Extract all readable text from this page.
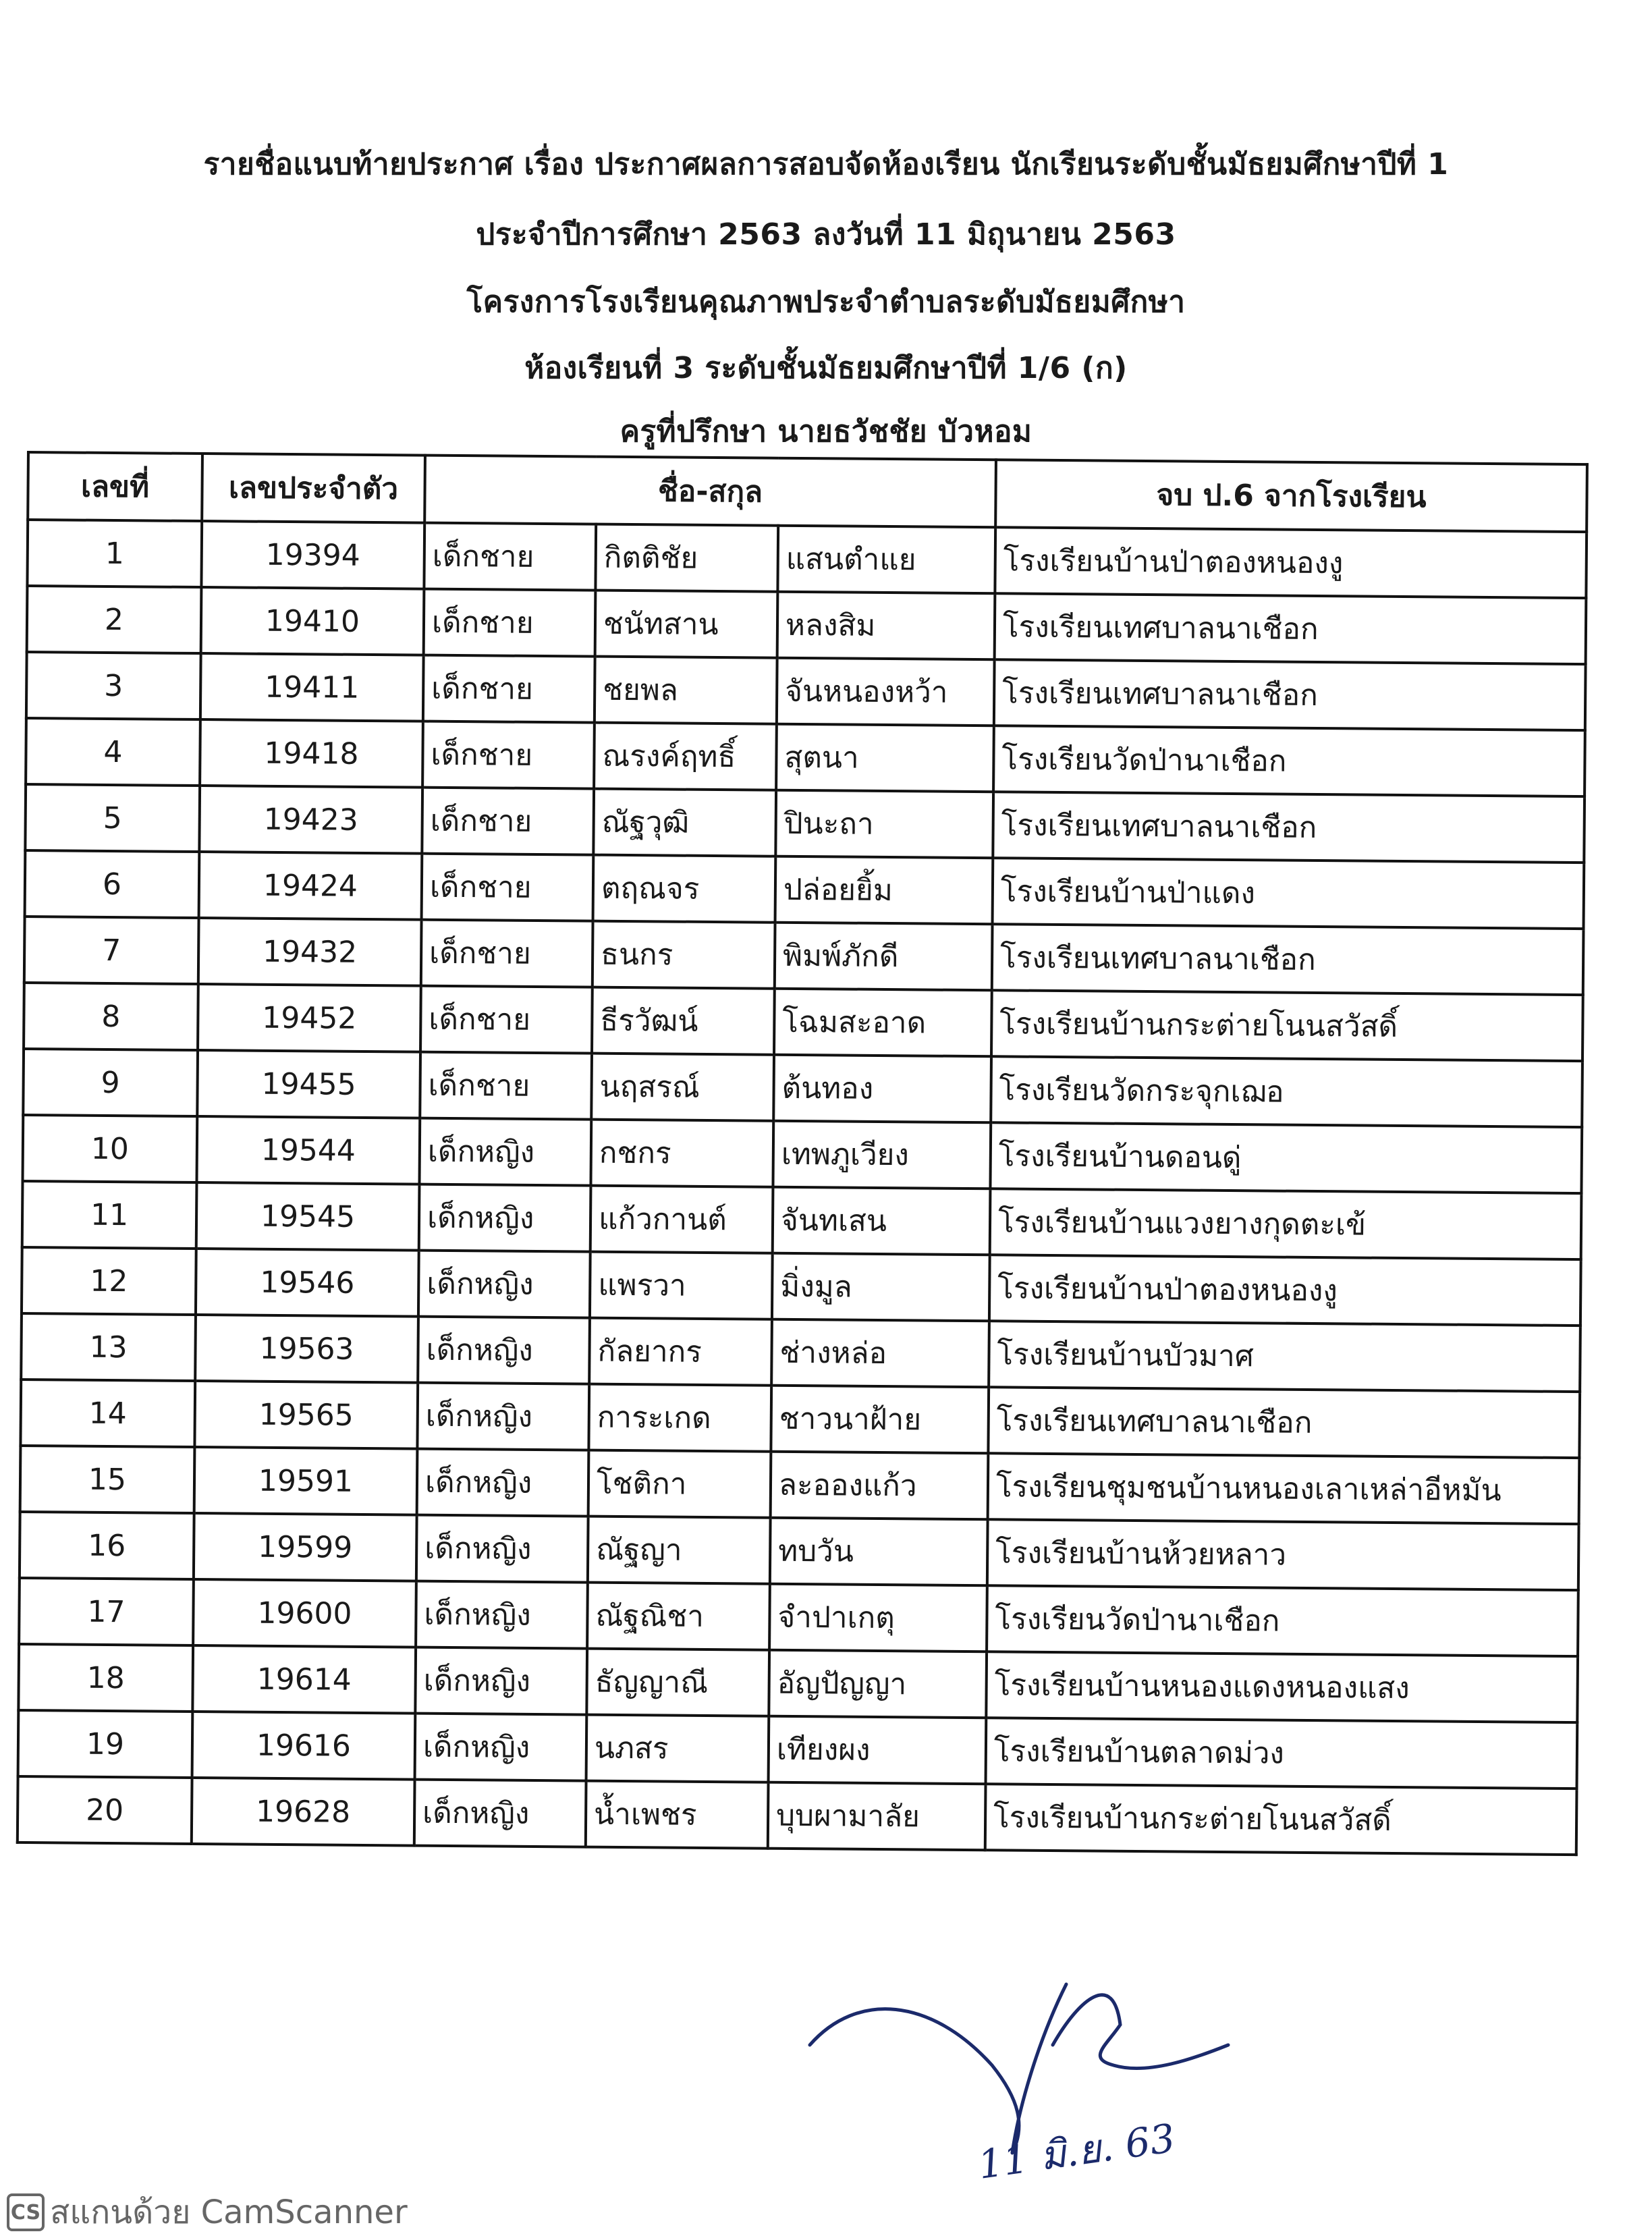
รายชื่อแนบท้ายประกาศ เรื่อง ประกาศผลการสอบจัดห้องเรียน นักเรียนระดับชั้นมัธยมศึกษาปีที่ 1
ประจำปีการศึกษา 2563 ลงวันที่ 11 มิถุนายน 2563
โครงการโรงเรียนคุณภาพประจำตำบลระดับมัธยมศึกษา
ห้องเรียนที่ 3 ระดับชั้นมัธยมศึกษาปีที่ 1/6 (ก)
ครูที่ปรึกษา นายธวัชชัย บัวหอม
เลขที่	เลขประจำตัว	ชื่อ-สกุล			จบ ป.6 จากโรงเรียน
1	19394	เด็กชาย	กิตติชัย	แสนตำแย	โรงเรียนบ้านป่าตองหนองงู
2	19410	เด็กชาย	ชนัทสาน	หลงสิม	โรงเรียนเทศบาลนาเชือก
3	19411	เด็กชาย	ชยพล	จันหนองหว้า	โรงเรียนเทศบาลนาเชือก
4	19418	เด็กชาย	ณรงค์ฤทธิ์	สุตนา	โรงเรียนวัดป่านาเชือก
5	19423	เด็กชาย	ณัฐวุฒิ	ปินะถา	โรงเรียนเทศบาลนาเชือก
6	19424	เด็กชาย	ตฤณจร	ปล่อยยิ้ม	โรงเรียนบ้านป่าแดง
7	19432	เด็กชาย	ธนกร	พิมพ์ภักดี	โรงเรียนเทศบาลนาเชือก
8	19452	เด็กชาย	ธีรวัฒน์	โฉมสะอาด	โรงเรียนบ้านกระต่ายโนนสวัสดิ์
9	19455	เด็กชาย	นฤสรณ์	ต้นทอง	โรงเรียนวัดกระจุกเฌอ
10	19544	เด็กหญิง	กชกร	เทพภูเวียง	โรงเรียนบ้านดอนดู่
11	19545	เด็กหญิง	แก้วกานต์	จันทเสน	โรงเรียนบ้านแวงยางกุดตะเข้
12	19546	เด็กหญิง	แพรวา	มิ่งมูล	โรงเรียนบ้านป่าตองหนองงู
13	19563	เด็กหญิง	กัลยากร	ช่างหล่อ	โรงเรียนบ้านบัวมาศ
14	19565	เด็กหญิง	การะเกด	ชาวนาฝ้าย	โรงเรียนเทศบาลนาเชือก
15	19591	เด็กหญิง	โชติกา	ละอองแก้ว	โรงเรียนชุมชนบ้านหนองเลาเหล่าอีหมัน
16	19599	เด็กหญิง	ณัฐญา	ทบวัน	โรงเรียนบ้านห้วยหลาว
17	19600	เด็กหญิง	ณัฐณิชา	จำปาเกตุ	โรงเรียนวัดป่านาเชือก
18	19614	เด็กหญิง	ธัญญาณี	อัญปัญญา	โรงเรียนบ้านหนองแดงหนองแสง
19	19616	เด็กหญิง	นภสร	เทียงผง	โรงเรียนบ้านตลาดม่วง
20	19628	เด็กหญิง	น้ำเพชร	บุบผามาลัย	โรงเรียนบ้านกระต่ายโนนสวัสดิ์
11 มิ.ย. 63
CS สแกนด้วย CamScanner
